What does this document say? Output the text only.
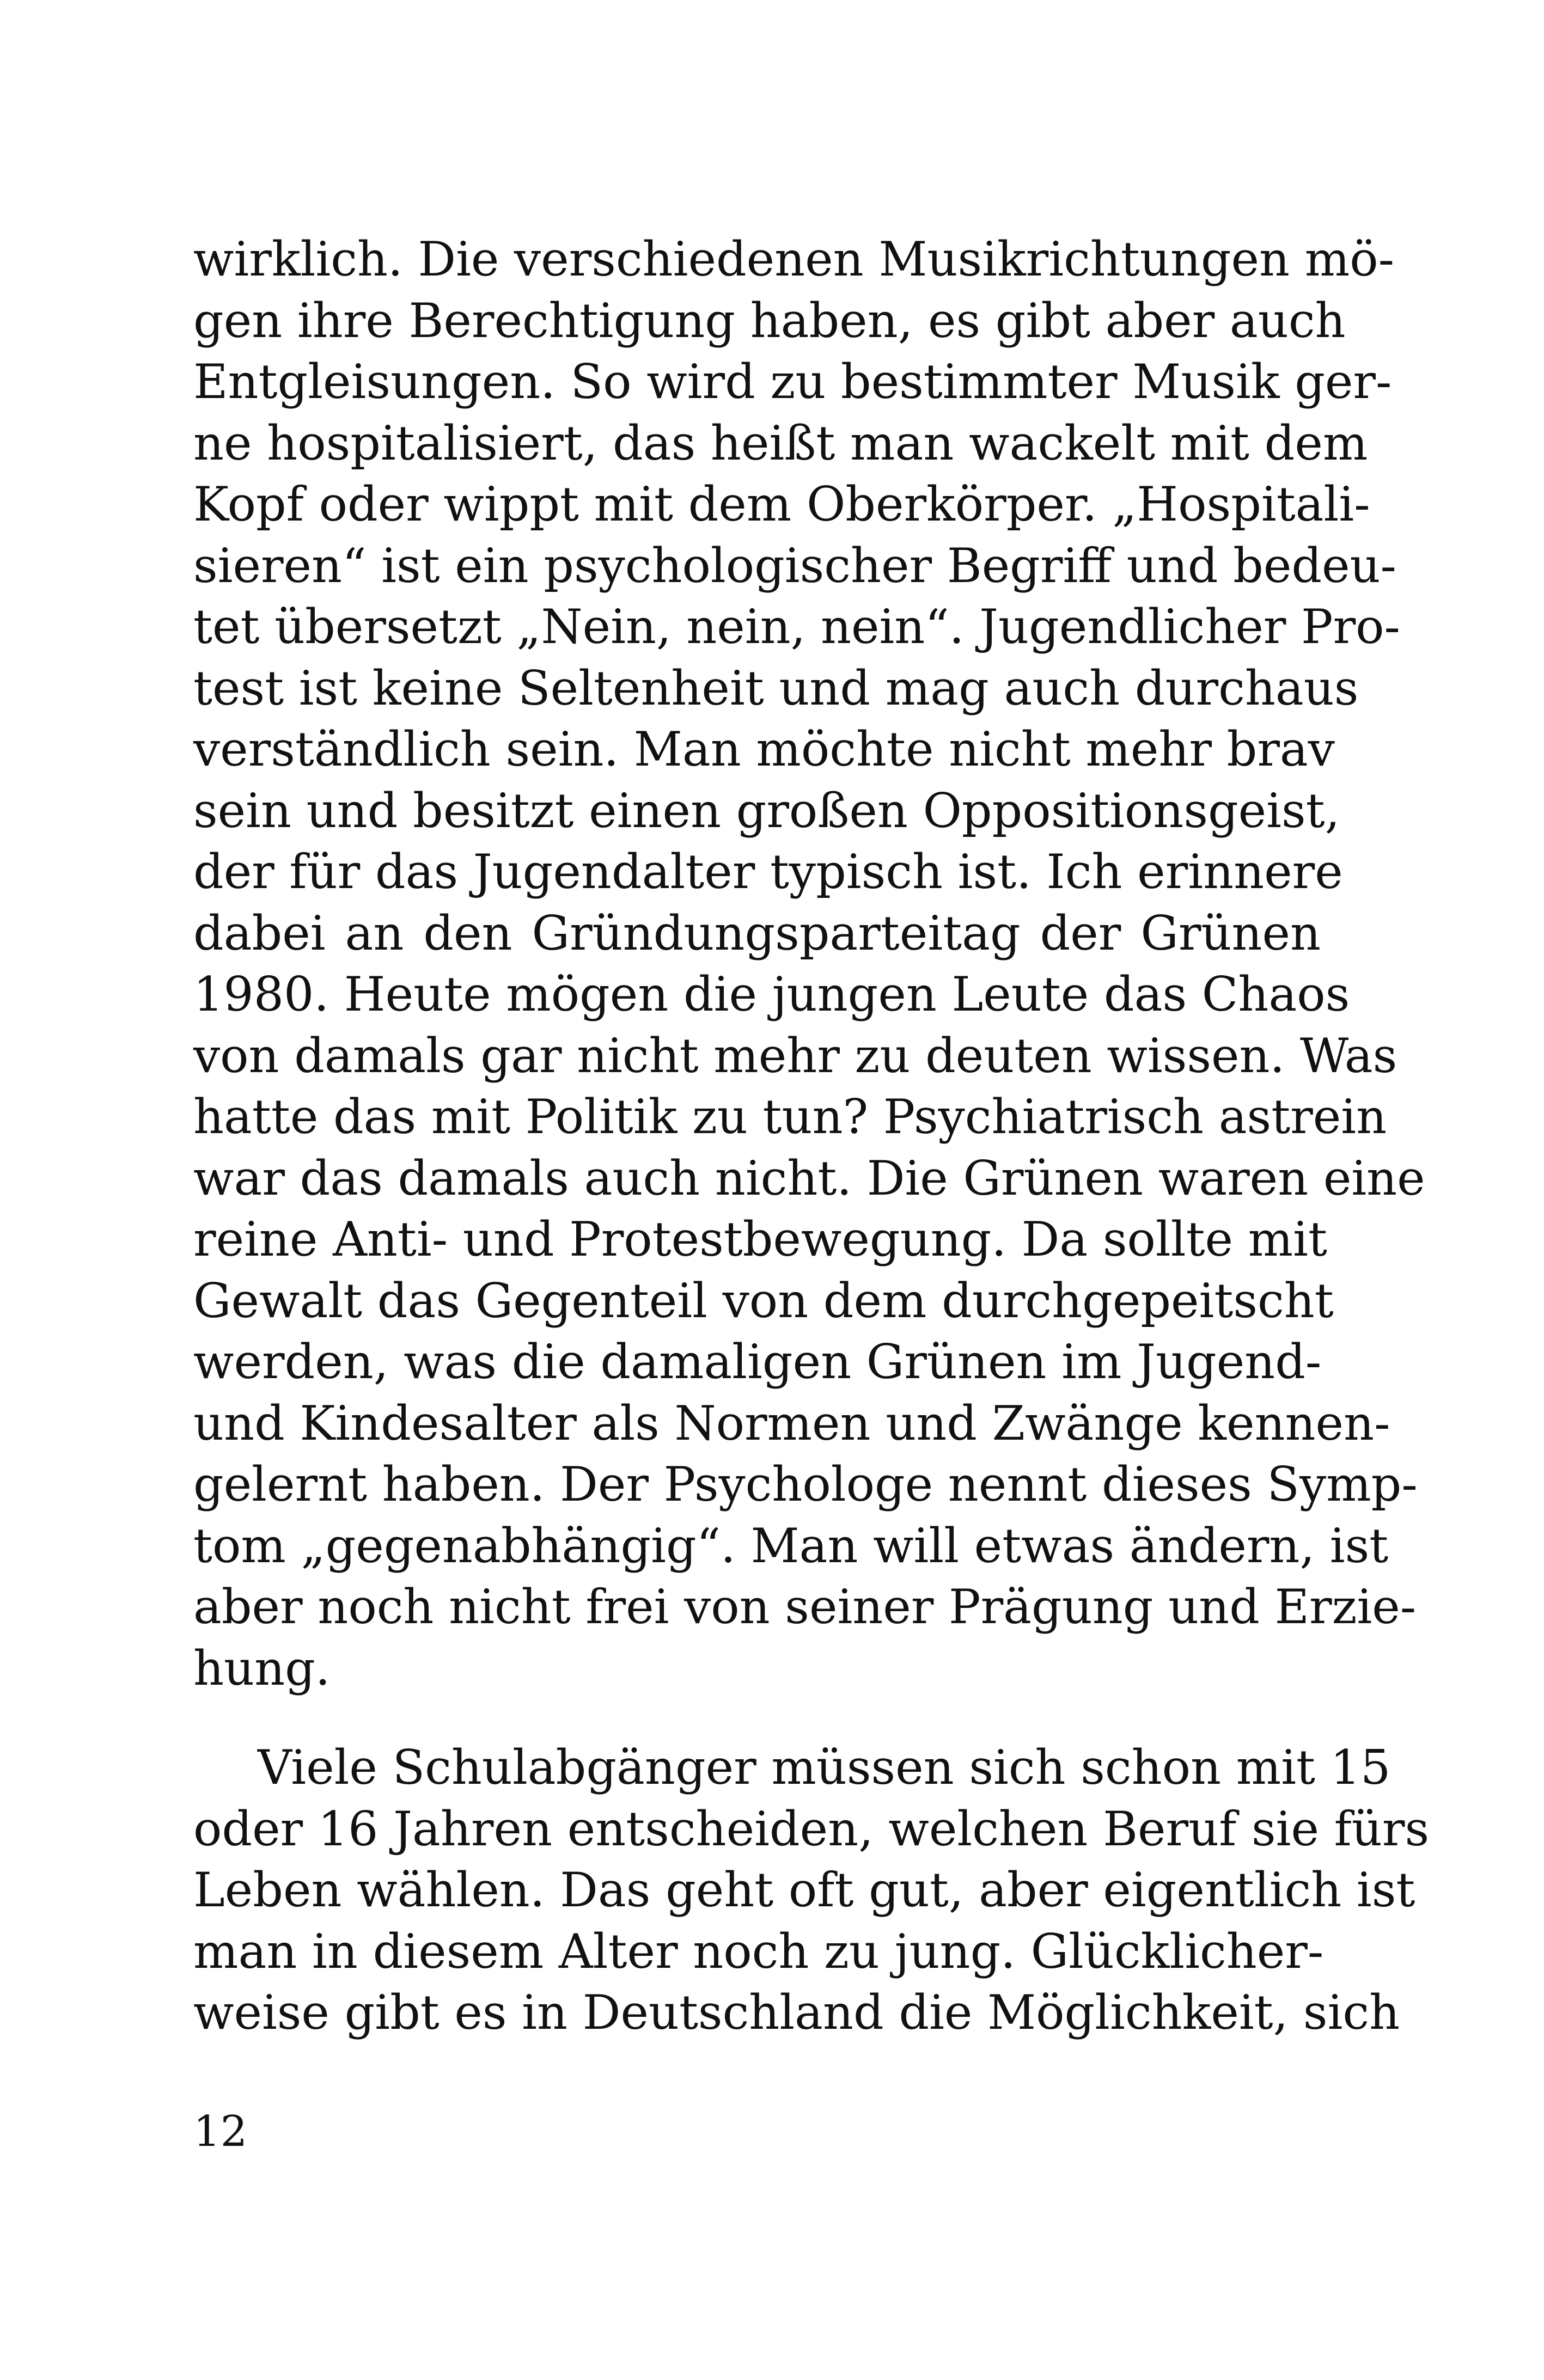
wirklich. Die verschiedenen Musikrichtungen mö-
gen ihre Berechtigung haben, es gibt aber auch
Entgleisungen. So wird zu bestimmter Musik ger-
ne hospitalisiert, das heißt man wackelt mit dem
Kopf oder wippt mit dem Oberkörper. „Hospitali-
sieren“ ist ein psychologischer Begriff und bedeu-
tet übersetzt „Nein, nein, nein“. Jugendlicher Pro-
test ist keine Seltenheit und mag auch durchaus
verständlich sein. Man möchte nicht mehr brav
sein und besitzt einen großen Oppositionsgeist,
der für das Jugendalter typisch ist. Ich erinnere
dabei an den Gründungsparteitag der Grünen
1980. Heute mögen die jungen Leute das Chaos
von damals gar nicht mehr zu deuten wissen. Was
hatte das mit Politik zu tun? Psychiatrisch astrein
war das damals auch nicht. Die Grünen waren eine
reine Anti- und Protestbewegung. Da sollte mit
Gewalt das Gegenteil von dem durchgepeitscht
werden, was die damaligen Grünen im Jugend-
und Kindesalter als Normen und Zwänge kennen-
gelernt haben. Der Psychologe nennt dieses Symp-
tom „gegenabhängig“. Man will etwas ändern, ist
aber noch nicht frei von seiner Prägung und Erzie-
hung.
Viele Schulabgänger müssen sich schon mit 15
oder 16 Jahren entscheiden, welchen Beruf sie fürs
Leben wählen. Das geht oft gut, aber eigentlich ist
man in diesem Alter noch zu jung. Glücklicher-
weise gibt es in Deutschland die Möglichkeit, sich
12
